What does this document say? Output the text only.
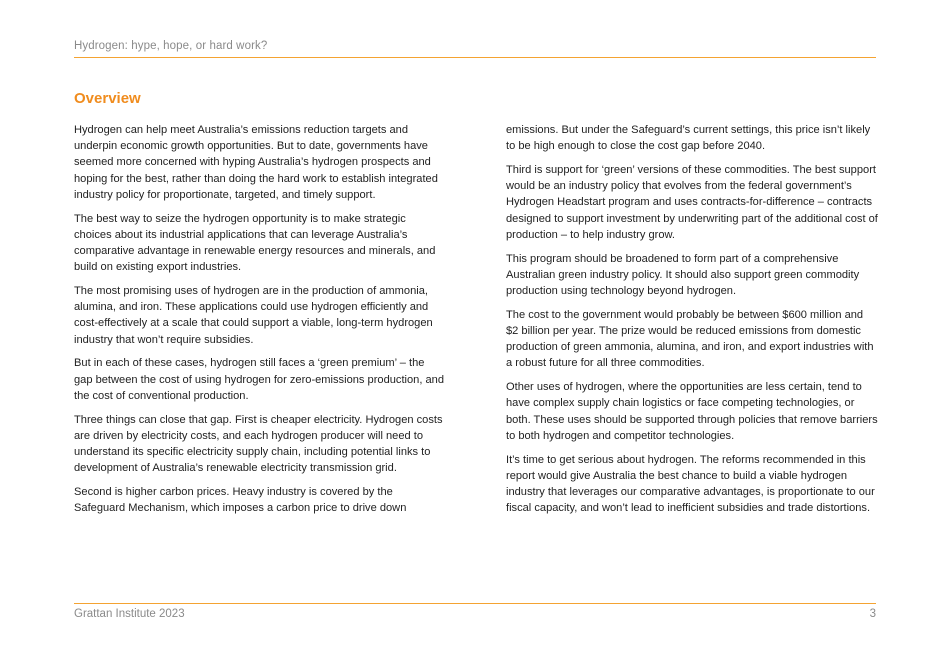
Hydrogen: hype, hope, or hard work?
Overview

Hydrogen can help meet Australia’s emissions reduction targets and underpin economic growth opportunities. But to date, governments have seemed more concerned with hyping Australia’s hydrogen prospects and hoping for the best, rather than doing the hard work to establish integrated industry policy for proportionate, targeted, and timely support.

The best way to seize the hydrogen opportunity is to make strategic choices about its industrial applications that can leverage Australia’s comparative advantage in renewable energy resources and minerals, and build on existing export industries.

The most promising uses of hydrogen are in the production of ammonia, alumina, and iron. These applications could use hydrogen efficiently and cost-effectively at a scale that could support a viable, long-term hydrogen industry that won’t require subsidies.

But in each of these cases, hydrogen still faces a ‘green premium’ – the gap between the cost of using hydrogen for zero-emissions production, and the cost of conventional production.

Three things can close that gap. First is cheaper electricity. Hydrogen costs are driven by electricity costs, and each hydrogen producer will need to understand its specific electricity supply chain, including potential links to development of Australia’s renewable electricity transmission grid.

Second is higher carbon prices. Heavy industry is covered by the Safeguard Mechanism, which imposes a carbon price to drive down

emissions. But under the Safeguard’s current settings, this price isn’t likely to be high enough to close the cost gap before 2040.

Third is support for ‘green’ versions of these commodities. The best support would be an industry policy that evolves from the federal government’s Hydrogen Headstart program and uses contracts-for-difference – contracts designed to support investment by underwriting part of the additional cost of production – to help industry grow.

This program should be broadened to form part of a comprehensive Australian green industry policy. It should also support green commodity production using technology beyond hydrogen.

The cost to the government would probably be between $600 million and $2 billion per year. The prize would be reduced emissions from domestic production of green ammonia, alumina, and iron, and export industries with a robust future for all three commodities.

Other uses of hydrogen, where the opportunities are less certain, tend to have complex supply chain logistics or face competing technologies, or both. These uses should be supported through policies that remove barriers to both hydrogen and competitor technologies.

It’s time to get serious about hydrogen. The reforms recommended in this report would give Australia the best chance to build a viable hydrogen industry that leverages our comparative advantages, is proportionate to our fiscal capacity, and won’t lead to inefficient subsidies and trade distortions.

Grattan Institute 2023	3
